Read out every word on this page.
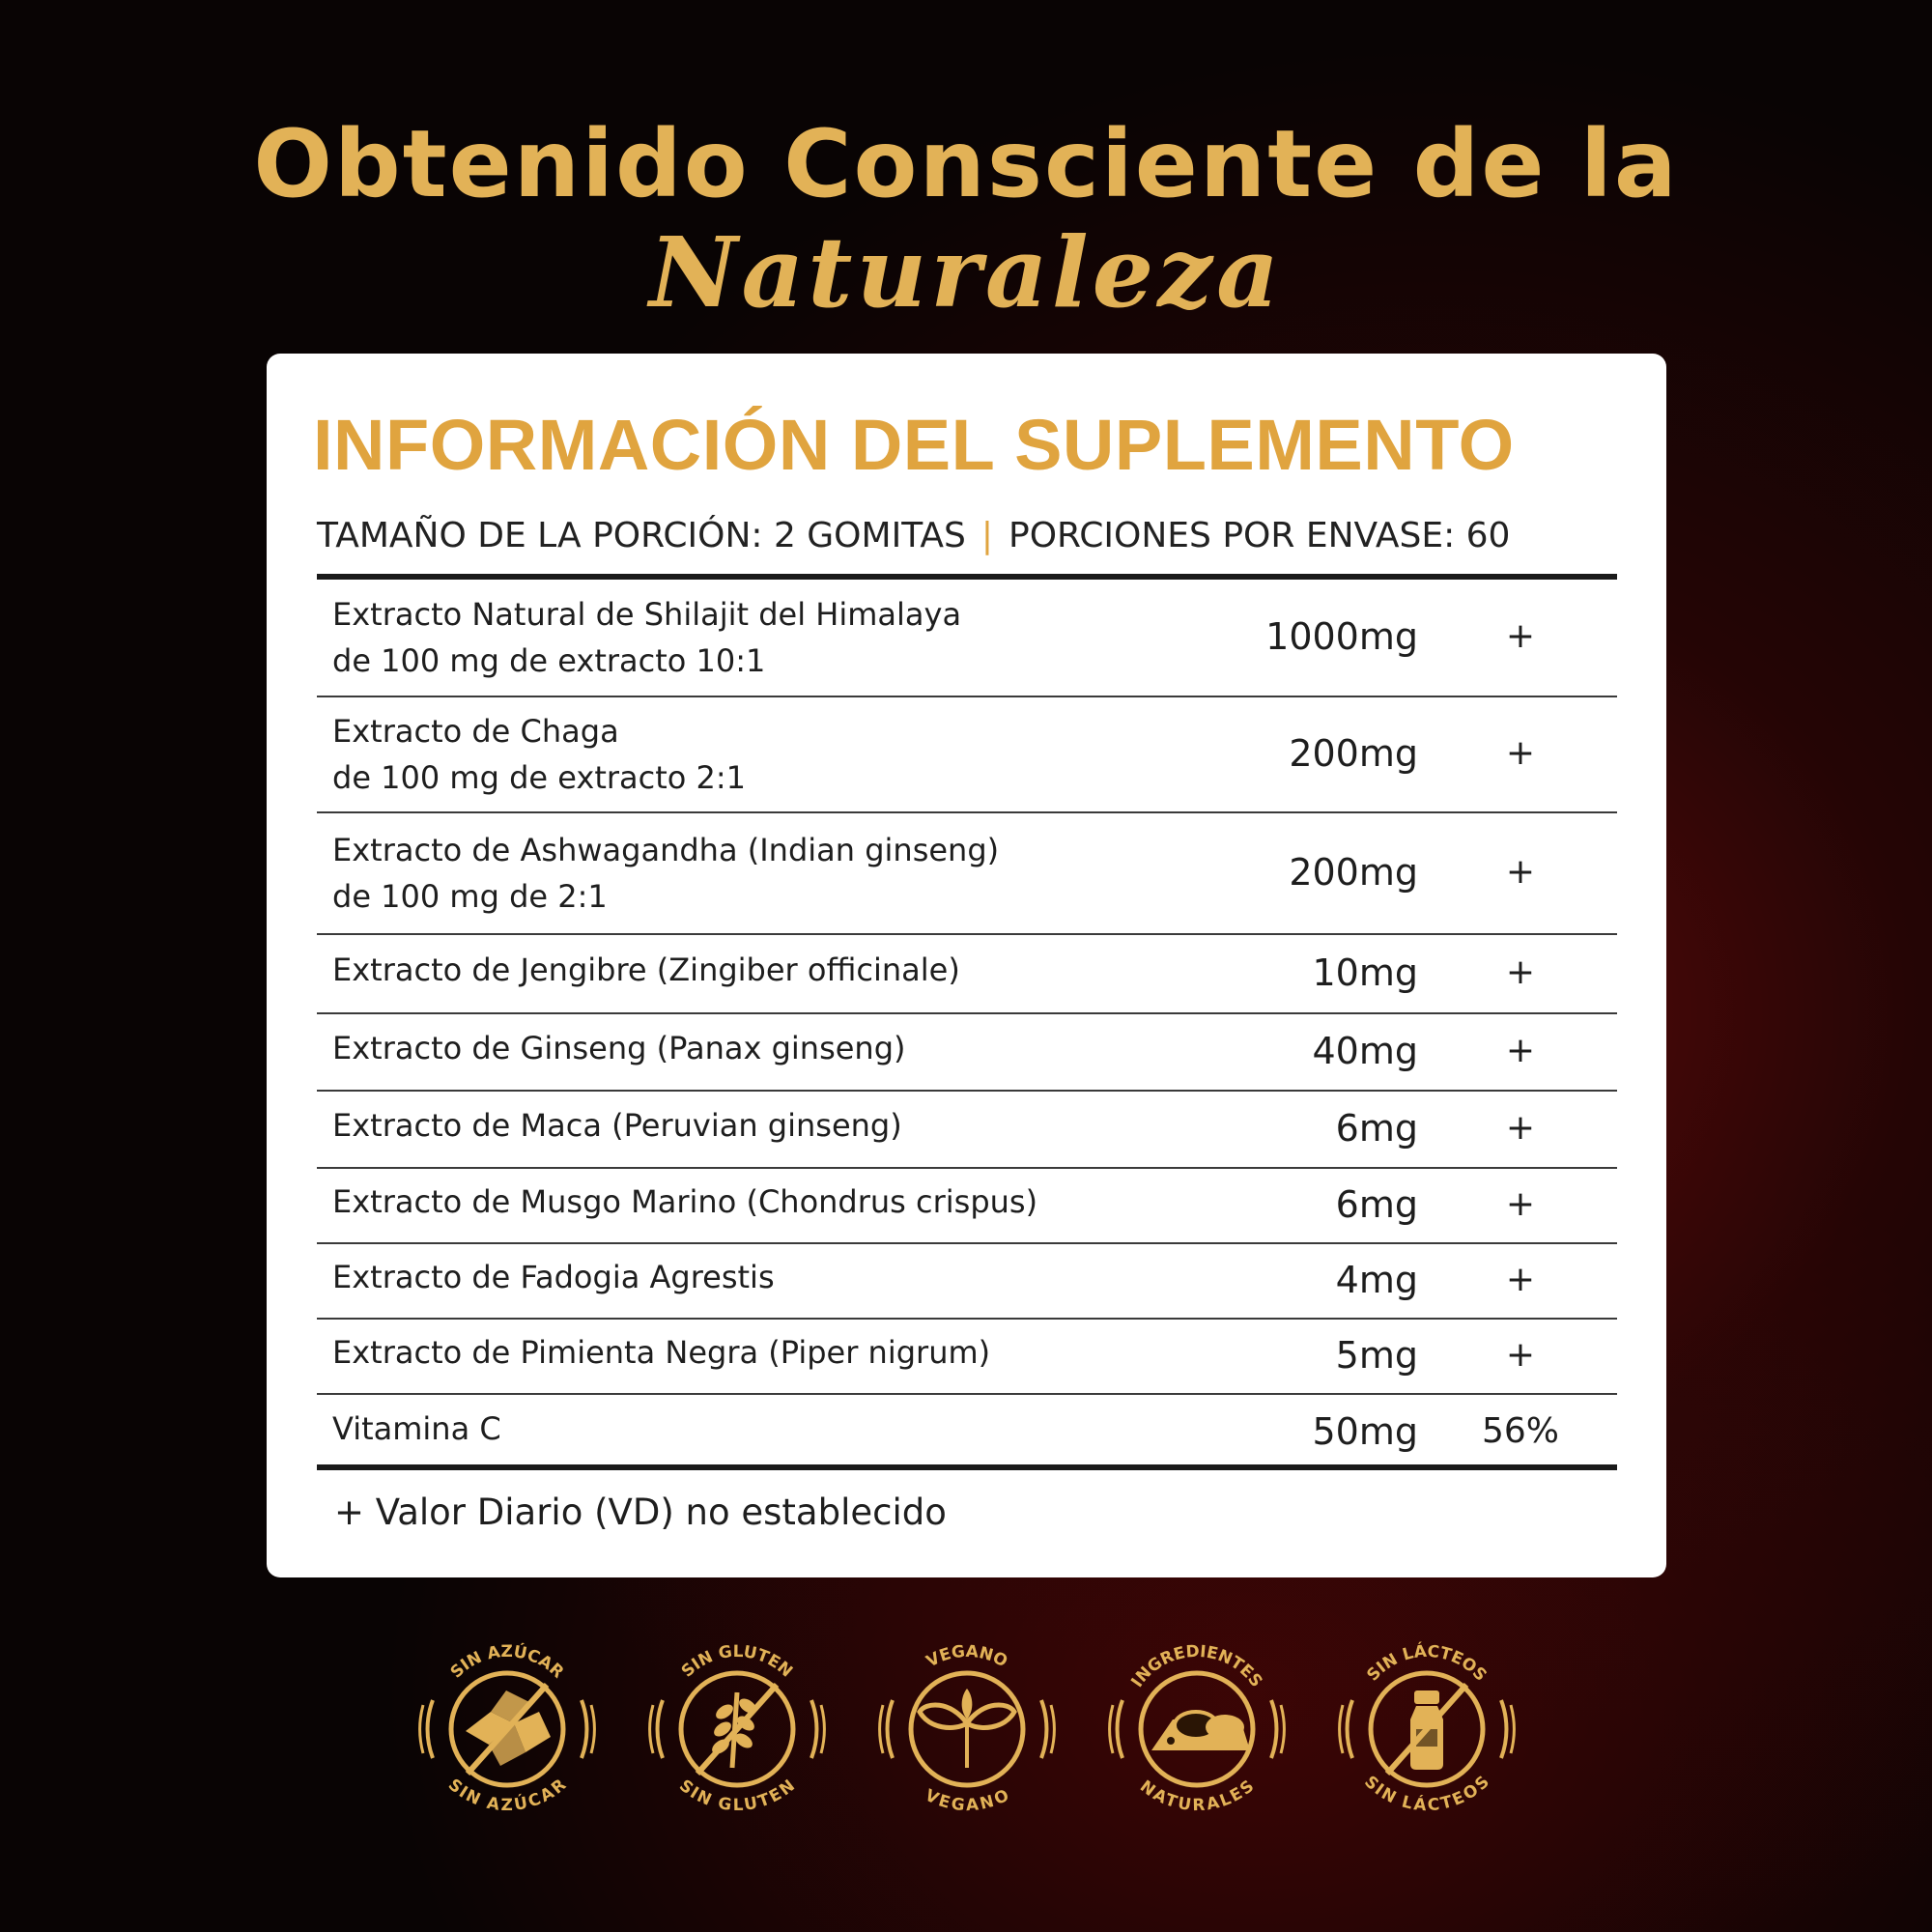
Obtenido Consciente de la
Naturaleza
INFORMACIÓN DEL SUPLEMENTO
TAMAÑO DE LA PORCIÓN: 2 GOMITAS | PORCIONES POR ENVASE: 60
Extracto Natural de Shilajit del Himalaya
de 100 mg de extracto 10:1
1000mg	+
Extracto de Chaga
de 100 mg de extracto 2:1
200mg	+
Extracto de Ashwagandha (Indian ginseng)
de 100 mg de 2:1
200mg	+
Extracto de Jengibre (Zingiber officinale)	10mg	+
Extracto de Ginseng (Panax ginseng)	40mg	+
Extracto de Maca (Peruvian ginseng)	6mg	+
Extracto de Musgo Marino (Chondrus crispus)	6mg	+
Extracto de Fadogia Agrestis	4mg	+
Extracto de Pimienta Negra (Piper nigrum)	5mg	+
Vitamina C	50mg 56%
+ Valor Diario (VD) no establecido
SIN AZÚCAR
SIN AZÚCAR
SIN GLUTEN
SIN GLUTEN
VEGANO
VEGANO
INGREDIENTES
NATURALES
SIN LÁCTEOS
SIN LÁCTEOS
